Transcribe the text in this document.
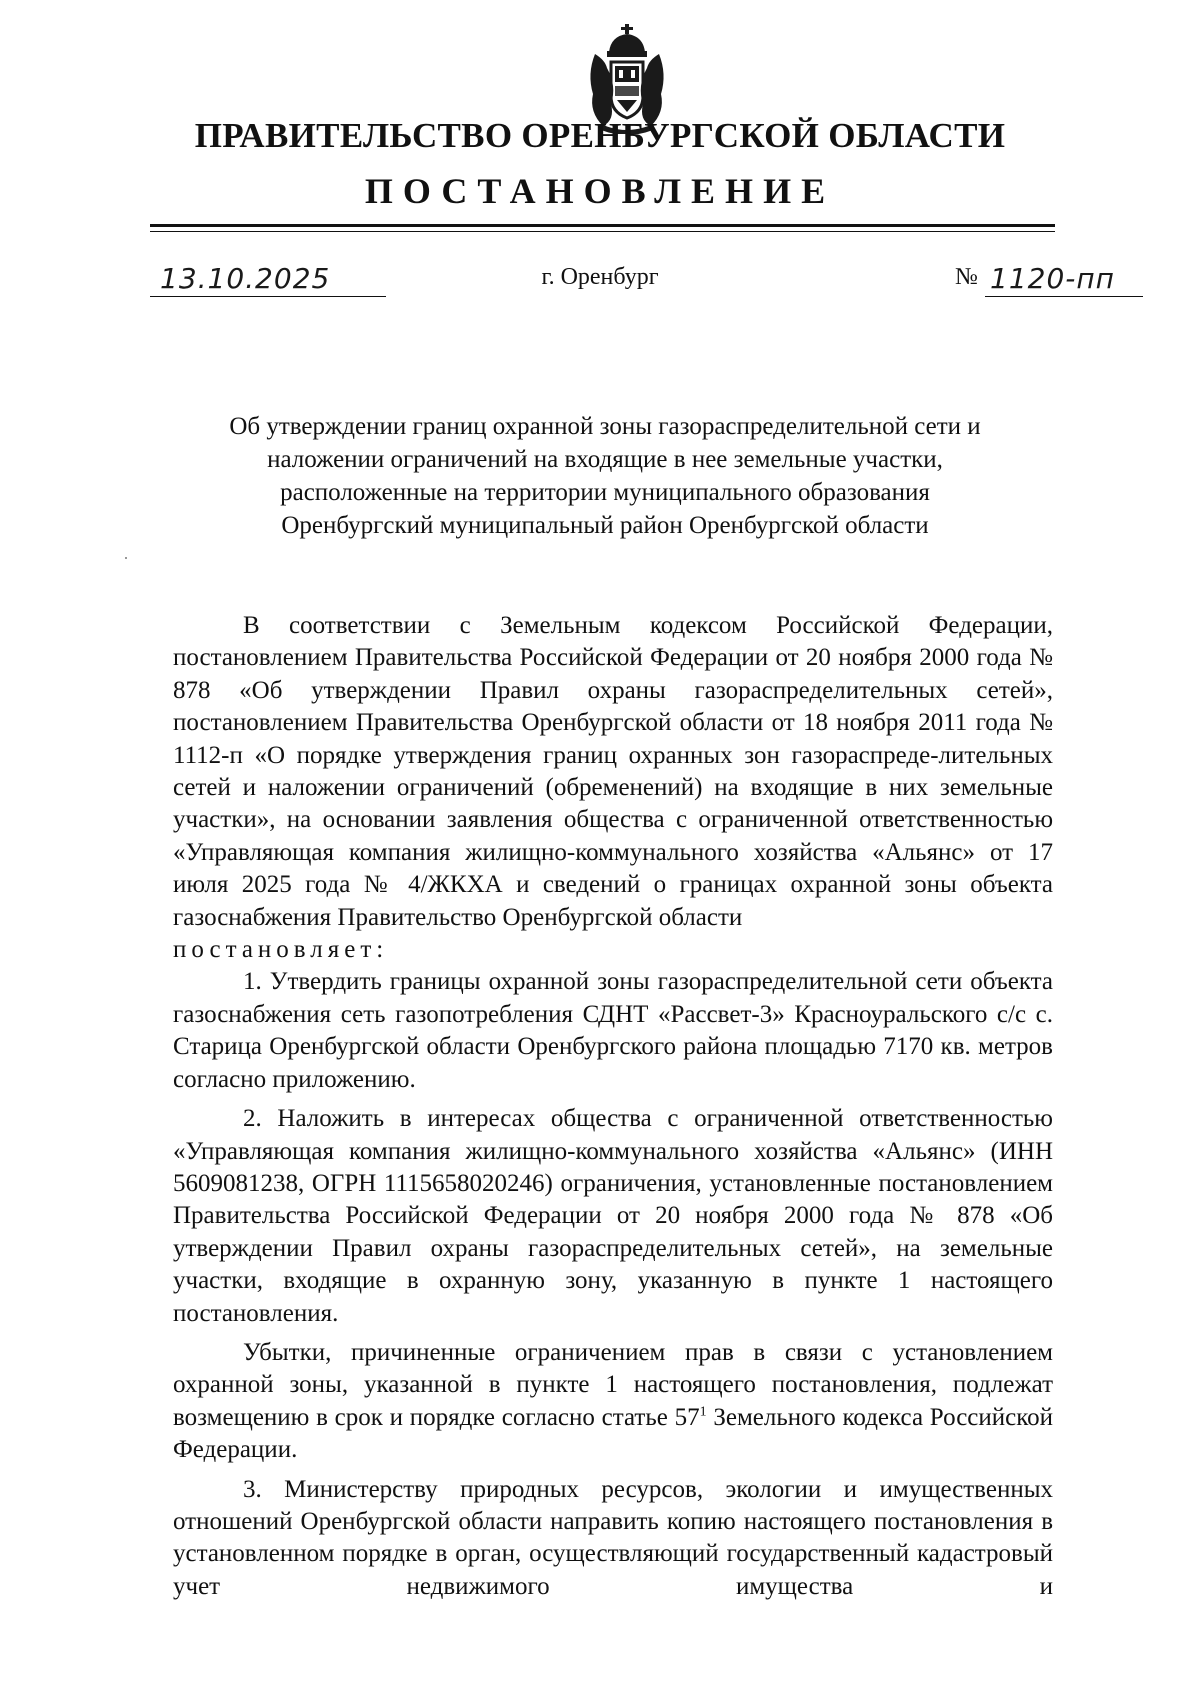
ПРАВИТЕЛЬСТВО ОРЕНБУРГСКОЙ ОБЛАСТИ
ПОСТАНОВЛЕНИЕ
13.10.2025	г. Оренбург	№ 1120-пп
Об утверждении границ охранной зоны газораспределительной сети и
наложении ограничений на входящие в нее земельные участки,
расположенные на территории муниципального образования
Оренбургский муниципальный район Оренбургской области

В соответствии с Земельным кодексом Российской Федерации, постановлением Правительства Российской Федерации от 20 ноября 2000 года № 878 «Об утверждении Правил охраны газораспределительных сетей», постановлением Правительства Оренбургской области от 18 ноября 2011 года № 1112-п «О порядке утверждения границ охранных зон газораспреде-лительных сетей и наложении ограничений (обременений) на входящие в них земельные участки», на основании заявления общества с ограниченной ответственностью «Управляющая компания жилищно-коммунального хозяйства «Альянс» от 17 июля 2025 года № 4/ЖКХА и сведений о границах охранной зоны объекта газоснабжения Правительство Оренбургской области

постановляет:

1. Утвердить границы охранной зоны газораспределительной сети объекта газоснабжения сеть газопотребления СДНТ «Рассвет-3» Красноуральского с/с с. Старица Оренбургской области Оренбургского района площадью 7170 кв. метров согласно приложению.

2. Наложить в интересах общества с ограниченной ответственностью «Управляющая компания жилищно-коммунального хозяйства «Альянс» (ИНН 5609081238, ОГРН 1115658020246) ограничения, установленные постановлением Правительства Российской Федерации от 20 ноября 2000 года № 878 «Об утверждении Правил охраны газораспределительных сетей», на земельные участки, входящие в охранную зону, указанную в пункте 1 настоящего постановления.

Убытки, причиненные ограничением прав в связи с установлением охранной зоны, указанной в пункте 1 настоящего постановления, подлежат возмещению в срок и порядке согласно статье $57^1$ Земельного кодекса Российской Федерации.

3. Министерству природных ресурсов, экологии и имущественных отношений Оренбургской области направить копию настоящего постановления в установленном порядке в орган, осуществляющий государственный кадастровый учет недвижимого имущества и
